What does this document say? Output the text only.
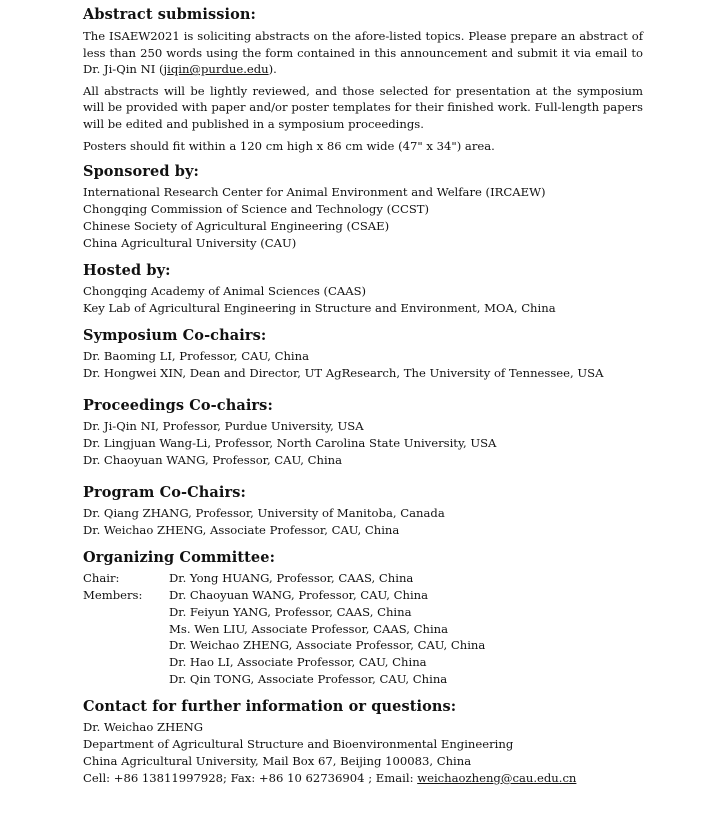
Abstract submission:

The ISAEW2021 is soliciting abstracts on the afore-listed topics. Please prepare an abstract of less than 250 words using the form contained in this announcement and submit it via email to Dr. Ji-Qin NI (jiqin@purdue.edu).

All abstracts will be lightly reviewed, and those selected for presentation at the symposium will be provided with paper and/or poster templates for their finished work. Full-length papers will be edited and published in a symposium proceedings.

Posters should fit within a 120 cm high x 86 cm wide (47" x 34") area.

Sponsored by:
International Research Center for Animal Environment and Welfare (IRCAEW)
Chongqing Commission of Science and Technology (CCST)
Chinese Society of Agricultural Engineering (CSAE)
China Agricultural University (CAU)
Hosted by:
Chongqing Academy of Animal Sciences (CAAS)
Key Lab of Agricultural Engineering in Structure and Environment, MOA, China
Symposium Co-chairs:
Dr. Baoming LI, Professor, CAU, China
Dr. Hongwei XIN, Dean and Director, UT AgResearch, The University of Tennessee, USA
Proceedings Co-chairs:
Dr. Ji-Qin NI, Professor, Purdue University, USA
Dr. Lingjuan Wang-Li, Professor, North Carolina State University, USA
Dr. Chaoyuan WANG, Professor, CAU, China
Program Co-Chairs:
Dr. Qiang ZHANG, Professor, University of Manitoba, Canada
Dr. Weichao ZHENG, Associate Professor, CAU, China
Organizing Committee:
Chair:	Dr. Yong HUANG, Professor, CAAS, China
Members:	Dr. Chaoyuan WANG, Professor, CAU, China
Dr. Feiyun YANG, Professor, CAAS, China
Ms. Wen LIU, Associate Professor, CAAS, China
Dr. Weichao ZHENG, Associate Professor, CAU, China
Dr. Hao LI, Associate Professor, CAU, China
Dr. Qin TONG, Associate Professor, CAU, China
Contact for further information or questions:
Dr. Weichao ZHENG
Department of Agricultural Structure and Bioenvironmental Engineering
China Agricultural University, Mail Box 67, Beijing 100083, China
Cell: +86 13811997928; Fax: +86 10 62736904 ; Email: weichaozheng@cau.edu.cn
